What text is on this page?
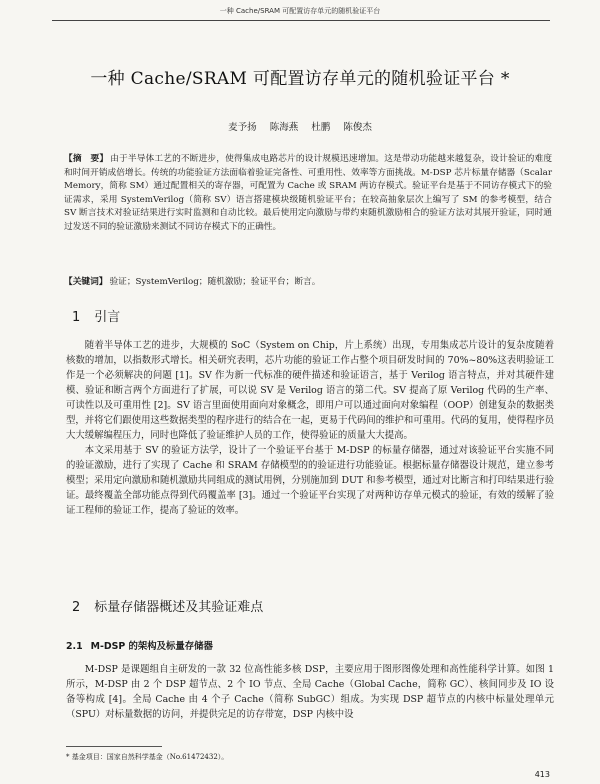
一种 Cache/SRAM 可配置访存单元的随机验证平台
一种 Cache/SRAM 可配置访存单元的随机验证平台 *
麦予扬 陈海燕 杜鹏 陈俊杰
【摘　要】 由于半导体工艺的不断进步，使得集成电路芯片的设计规模迅速增加。这是带动功能越来越复杂，设计验证的难度和时间开销成倍增长。传统的功能验证方法面临着验证完备性、可重用性、效率等方面挑战。M-DSP 芯片标量存储器（Scalar Memory，简称 SM）通过配置相关的寄存器，可配置为 Cache 或 SRAM 两访存模式。验证平台是基于不同访存模式下的验证需求，采用 SystemVerilog（简称 SV）语言搭建模块级随机验证平台；在较高抽象层次上编写了 SM 的参考模型，结合 SV 断言技术对验证结果进行实时监测和自动比较。最后使用定向激励与带约束随机激励相合的验证方法对其展开验证，同时通过发送不同的验证激励来测试不同访存模式下的正确性。
【关键词】 验证；SystemVerilog；随机激励；验证平台；断言。
1 引言

随着半导体工艺的进步，大规模的 SoC（System on Chip，片上系统）出现，专用集成芯片设计的复杂度随着核数的增加，以指数形式增长。相关研究表明，芯片功能的验证工作占整个项目研发时间的 70%~80%这表明验证工作是一个必须解决的问题 [1]。SV 作为新一代标准的硬件描述和验证语言，基于 Verilog 语言特点，并对其硬件建模、验证和断言两个方面进行了扩展，可以说 SV 是 Verilog 语言的第二代。SV 提高了原 Verilog 代码的生产率、可读性以及可重用性 [2]。SV 语言里面使用面向对象概念，即用户可以通过面向对象编程（OOP）创建复杂的数据类型，并将它们跟使用这些数据类型的程序进行的结合在一起，更易于代码间的维护和可重用。代码的复用，使得程序员大大缓解编程压力，同时也降低了验证维护人员的工作，使得验证的质量大大提高。

本文采用基于 SV 的验证方法学，设计了一个验证平台基于 M-DSP 的标量存储器，通过对该验证平台实施不同的验证激励，进行了实现了 Cache 和 SRAM 存储模型的的验证进行功能验证。根据标量存储器设计规范，建立参考模型；采用定向激励和随机激励共同组成的测试用例，分别施加到 DUT 和参考模型，通过对比断言和打印结果进行验证。最终覆盖全部功能点得到代码覆盖率 [3]。通过一个验证平台实现了对两种访存单元模式的验证，有效的缓解了验证工程师的验证工作，提高了验证的效率。

2 标量存储器概述及其验证难点
2.1 M-DSP 的架构及标量存储器

M-DSP 是课题组自主研发的一款 32 位高性能多核 DSP，主要应用于图形图像处理和高性能科学计算。如图 1 所示，M-DSP 由 2 个 DSP 超节点、2 个 IO 节点、全局 Cache（Global Cache，简称 GC）、核间同步及 IO 设备等构成 [4]。全局 Cache 由 4 个子 Cache（简称 SubGC）组成。为实现 DSP 超节点的内核中标量处理单元（SPU）对标量数据的访问，并提供完足的访存带宽，DSP 内核中设

* 基金项目：国家自然科学基金（No.61472432）。
413
